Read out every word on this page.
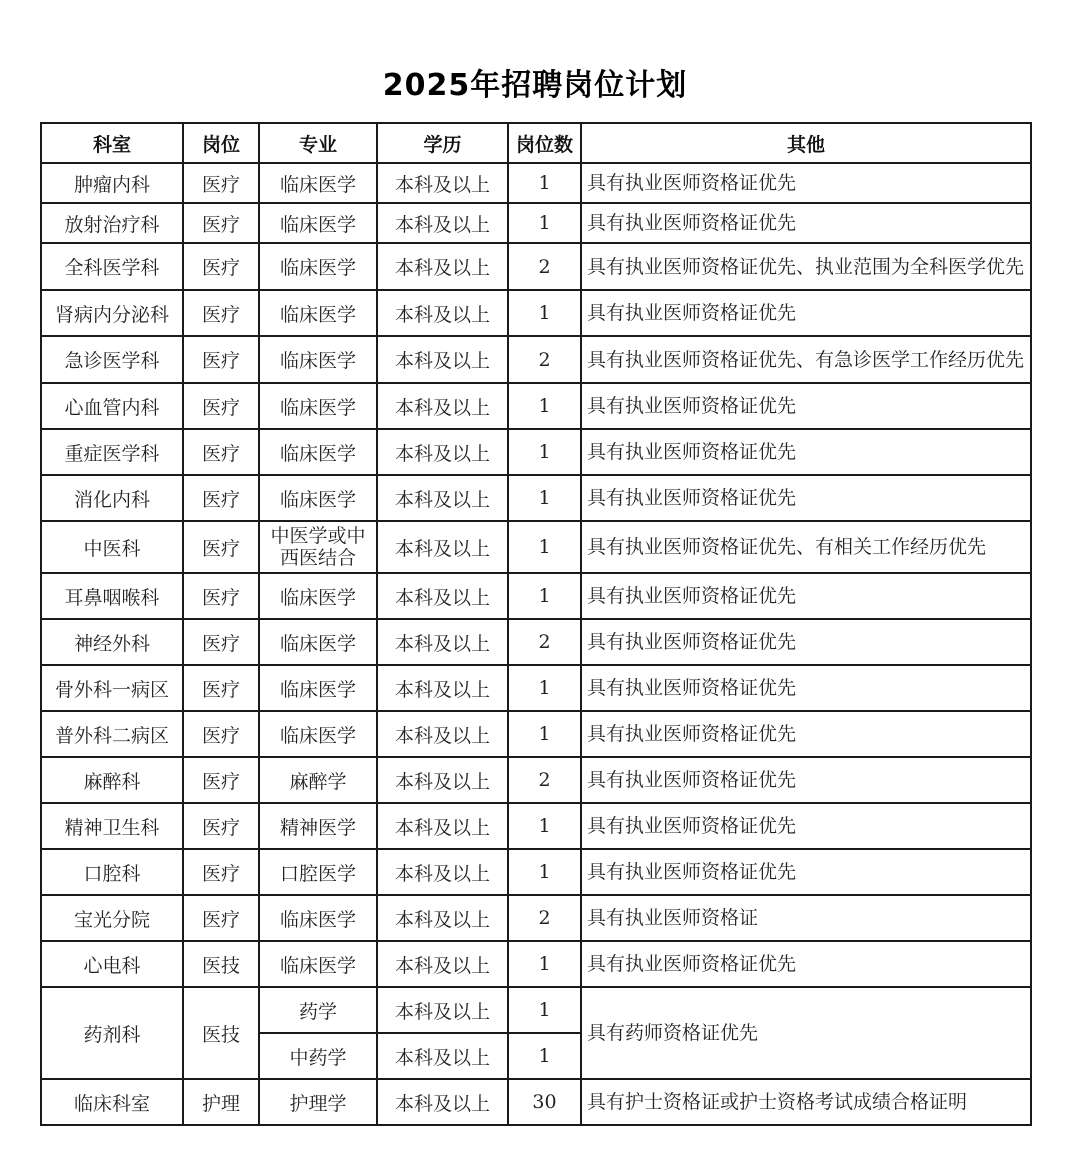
2025年招聘岗位计划
科室	岗位	专业	学历	岗位数	其他
肿瘤内科	医疗	临床医学	本科及以上	1	具有执业医师资格证优先
放射治疗科	医疗	临床医学	本科及以上	1	具有执业医师资格证优先
全科医学科	医疗	临床医学	本科及以上	2	具有执业医师资格证优先、执业范围为全科医学优先
肾病内分泌科	医疗	临床医学	本科及以上	1	具有执业医师资格证优先
急诊医学科	医疗	临床医学	本科及以上	2	具有执业医师资格证优先、有急诊医学工作经历优先
心血管内科	医疗	临床医学	本科及以上	1	具有执业医师资格证优先
重症医学科	医疗	临床医学	本科及以上	1	具有执业医师资格证优先
消化内科	医疗	临床医学	本科及以上	1	具有执业医师资格证优先
中医科	医疗	中医学或中西医结合	本科及以上	1	具有执业医师资格证优先、有相关工作经历优先
耳鼻咽喉科	医疗	临床医学	本科及以上	1	具有执业医师资格证优先
神经外科	医疗	临床医学	本科及以上	2	具有执业医师资格证优先
骨外科一病区	医疗	临床医学	本科及以上	1	具有执业医师资格证优先
普外科二病区	医疗	临床医学	本科及以上	1	具有执业医师资格证优先
麻醉科	医疗	麻醉学	本科及以上	2	具有执业医师资格证优先
精神卫生科	医疗	精神医学	本科及以上	1	具有执业医师资格证优先
口腔科	医疗	口腔医学	本科及以上	1	具有执业医师资格证优先
宝光分院	医疗	临床医学	本科及以上	2	具有执业医师资格证
心电科	医技	临床医学	本科及以上	1	具有执业医师资格证优先
药剂科	医技	药学	本科及以上	1	具有药师资格证优先
		中药学	本科及以上	1	
临床科室	护理	护理学	本科及以上	30	具有护士资格证或护士资格考试成绩合格证明
